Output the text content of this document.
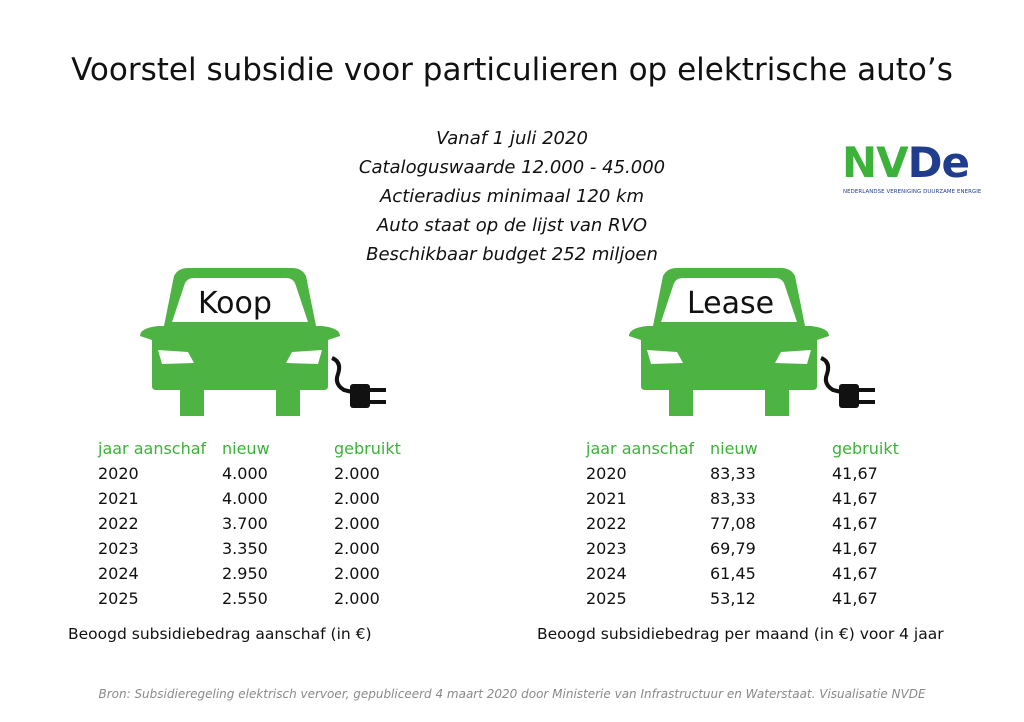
Voorstel subsidie voor particulieren op elektrische auto’s
Vanaf 1 juli 2020
Cataloguswaarde 12.000 - 45.000
Actieradius minimaal 120 km
Auto staat op de lijst van RVO
Beschikbaar budget 252 miljoen
NVDe
NEDERLANDSE VERENIGING DUURZAME ENERGIE
Koop	Lease
jaar aanschaf	nieuw	gebruikt
2020	4.000	2.000
2021	4.000	2.000
2022	3.700	2.000
2023	3.350	2.000
2024	2.950	2.000
2025	2.550	2.000
jaar aanschaf	nieuw	gebruikt
2020	83,33	41,67
2021	83,33	41,67
2022	77,08	41,67
2023	69,79	41,67
2024	61,45	41,67
2025	53,12	41,67
Beoogd subsidiebedrag aanschaf (in €)	Beoogd subsidiebedrag per maand (in €) voor 4 jaar
Bron: Subsidieregeling elektrisch vervoer, gepubliceerd 4 maart 2020 door Ministerie van Infrastructuur en Waterstaat. Visualisatie NVDE
